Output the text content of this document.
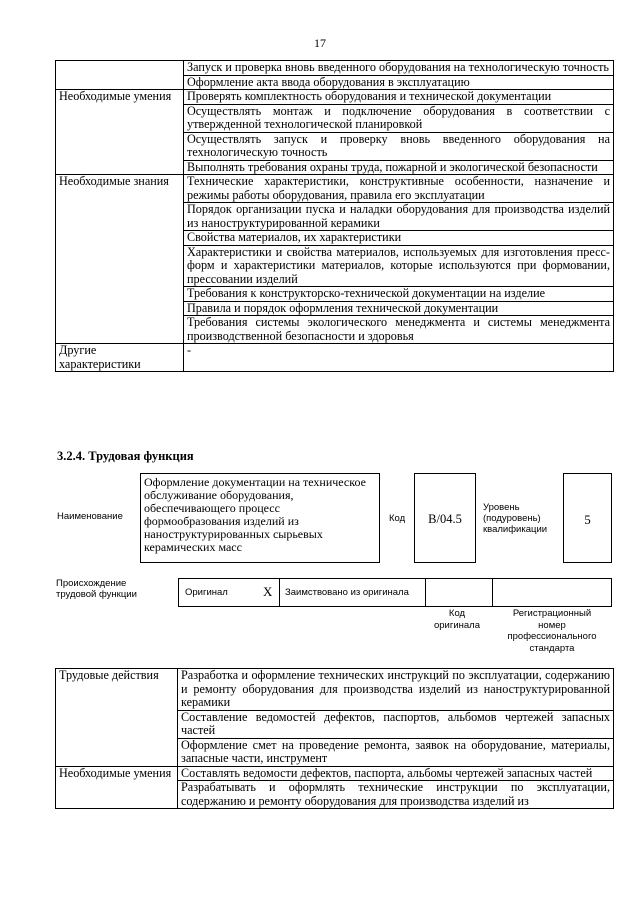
17
	Запуск и проверка вновь введенного оборудования на технологическую точность
	Оформление акта ввода оборудования в эксплуатацию
Необходимые умения	Проверять комплектность оборудования и технической документации
	Осуществлять монтаж и подключение оборудования в соответствии с утвержденной технологической планировкой
	Осуществлять запуск и проверку вновь введенного оборудования на технологическую точность
	Выполнять требования охраны труда, пожарной и экологической безопасности
Необходимые знания	Технические характеристики, конструктивные особенности, назначение и режимы работы оборудования, правила его эксплуатации
	Порядок организации пуска и наладки оборудования для производства изделий из наноструктурированной керамики
	Свойства материалов, их характеристики
	Характеристики и свойства материалов, используемых для изготовления пресс-форм и характеристики материалов, которые используются при формовании, прессовании изделий
	Требования к конструкторско-технической документации на изделие
	Правила и порядок оформления технической документации
	Требования системы экологического менеджмента и системы менеджмента производственной безопасности и здоровья
Другие характеристики	-
3.2.4. Трудовая функция
Наименование
Оформление документации на техническое обслуживание оборудования, обеспечивающего процесс формообразования изделий из наноструктурированных сырьевых керамических масс
Код	B/04.5
Уровень (подуровень) квалификации
5
Происхождение трудовой функции	Оригинал	X Заимствовано из оригинала
Код оригинала
Регистрационный номер профессионального стандарта
Трудовые действия	Разработка и оформление технических инструкций по эксплуатации, содержанию и ремонту оборудования для производства изделий из наноструктурированной керамики
	Составление ведомостей дефектов, паспортов, альбомов чертежей запасных частей
	Оформление смет на проведение ремонта, заявок на оборудование, материалы, запасные части, инструмент
Необходимые умения	Составлять ведомости дефектов, паспорта, альбомы чертежей запасных частей
	Разрабатывать и оформлять технические инструкции по эксплуатации, содержанию и ремонту оборудования для производства изделий из
